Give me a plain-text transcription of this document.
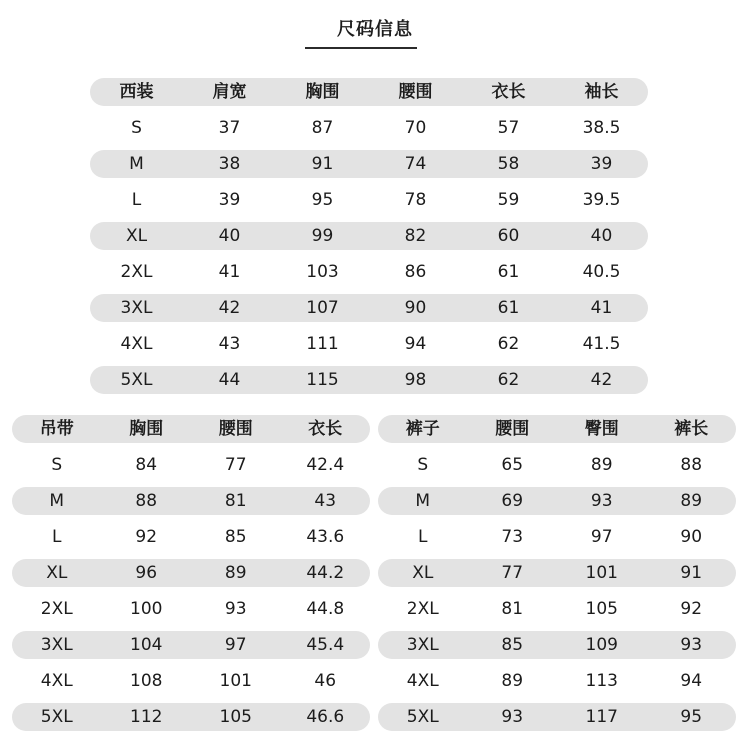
尺码信息
西装	肩宽	胸围	腰围	衣长	袖长
S	37	87	70	57	38.5
M	38	91	74	58	39
L	39	95	78	59	39.5
XL	40	99	82	60	40
2XL	41	103	86	61	40.5
3XL	42	107	90	61	41
4XL	43	111	94	62	41.5
5XL	44	115	98	62	42
吊带	胸围	腰围	衣长
S	84	77	42.4
M	88	81	43
L	92	85	43.6
XL	96	89	44.2
2XL	100	93	44.8
3XL	104	97	45.4
4XL	108	101	46
5XL	112	105	46.6
裤子	腰围	臀围	裤长
S	65	89	88
M	69	93	89
L	73	97	90
XL	77	101	91
2XL	81	105	92
3XL	85	109	93
4XL	89	113	94
5XL	93	117	95
